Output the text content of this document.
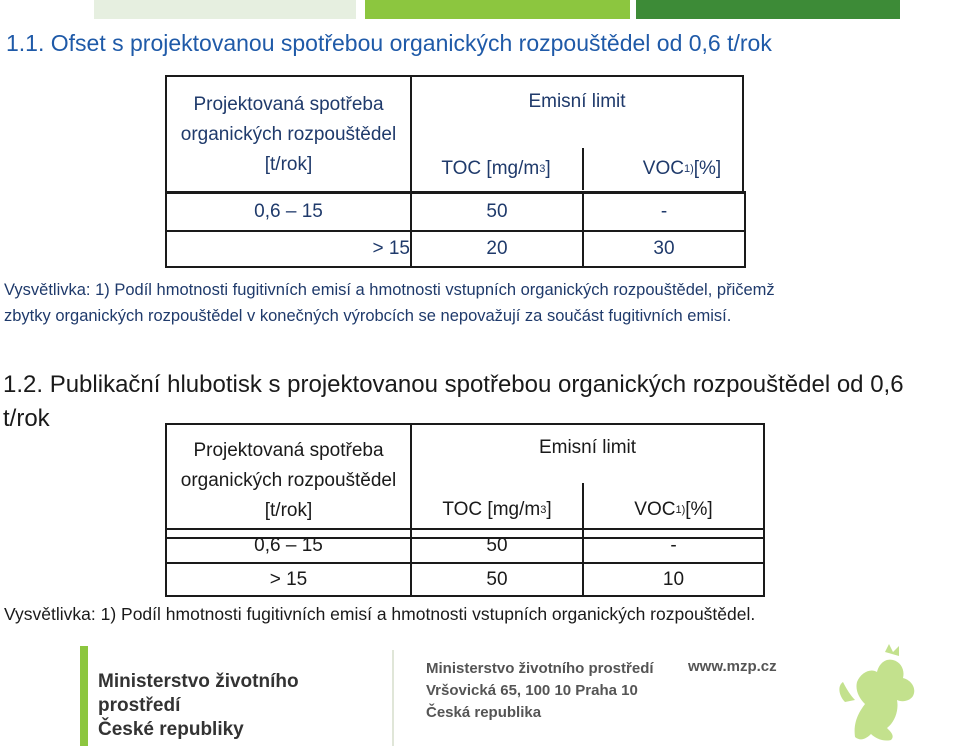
1.1. Ofset s projektovanou spotřebou organických rozpouštědel od 0,6 t/rok
Projektovaná spotřeba
organických rozpouštědel
[t/rok]	Emisní limit	

TOC [mg/m 3 ]	VOC 1) [%]
0,6 – 15	50	-
> 15	20	30
Vysvětlivka: 1) Podíl hmotnosti fugitivních emisí a hmotnosti vstupních organických rozpouštědel, přičemž
zbytky organických rozpouštědel v konečných výrobcích se nepovažují za součást fugitivních emisí.
1.2. Publikační hlubotisk s projektovanou spotřebou organických rozpouštědel od 0,6 t/rok
Projektovaná spotřeba
organických rozpouštědel
[t/rok]
Emisní limit
TOC [mg/m 3 ]	VOC 1) [%]
0,6 – 15	50	-
> 15	50	10
Vysvětlivka: 1) Podíl hmotnosti fugitivních emisí a hmotnosti vstupních organických rozpouštědel.
Ministerstvo životního prostředí
České republiky
Ministerstvo životního prostředí
Vršovická 65, 100 10 Praha 10
Česká republika
www.mzp.cz
